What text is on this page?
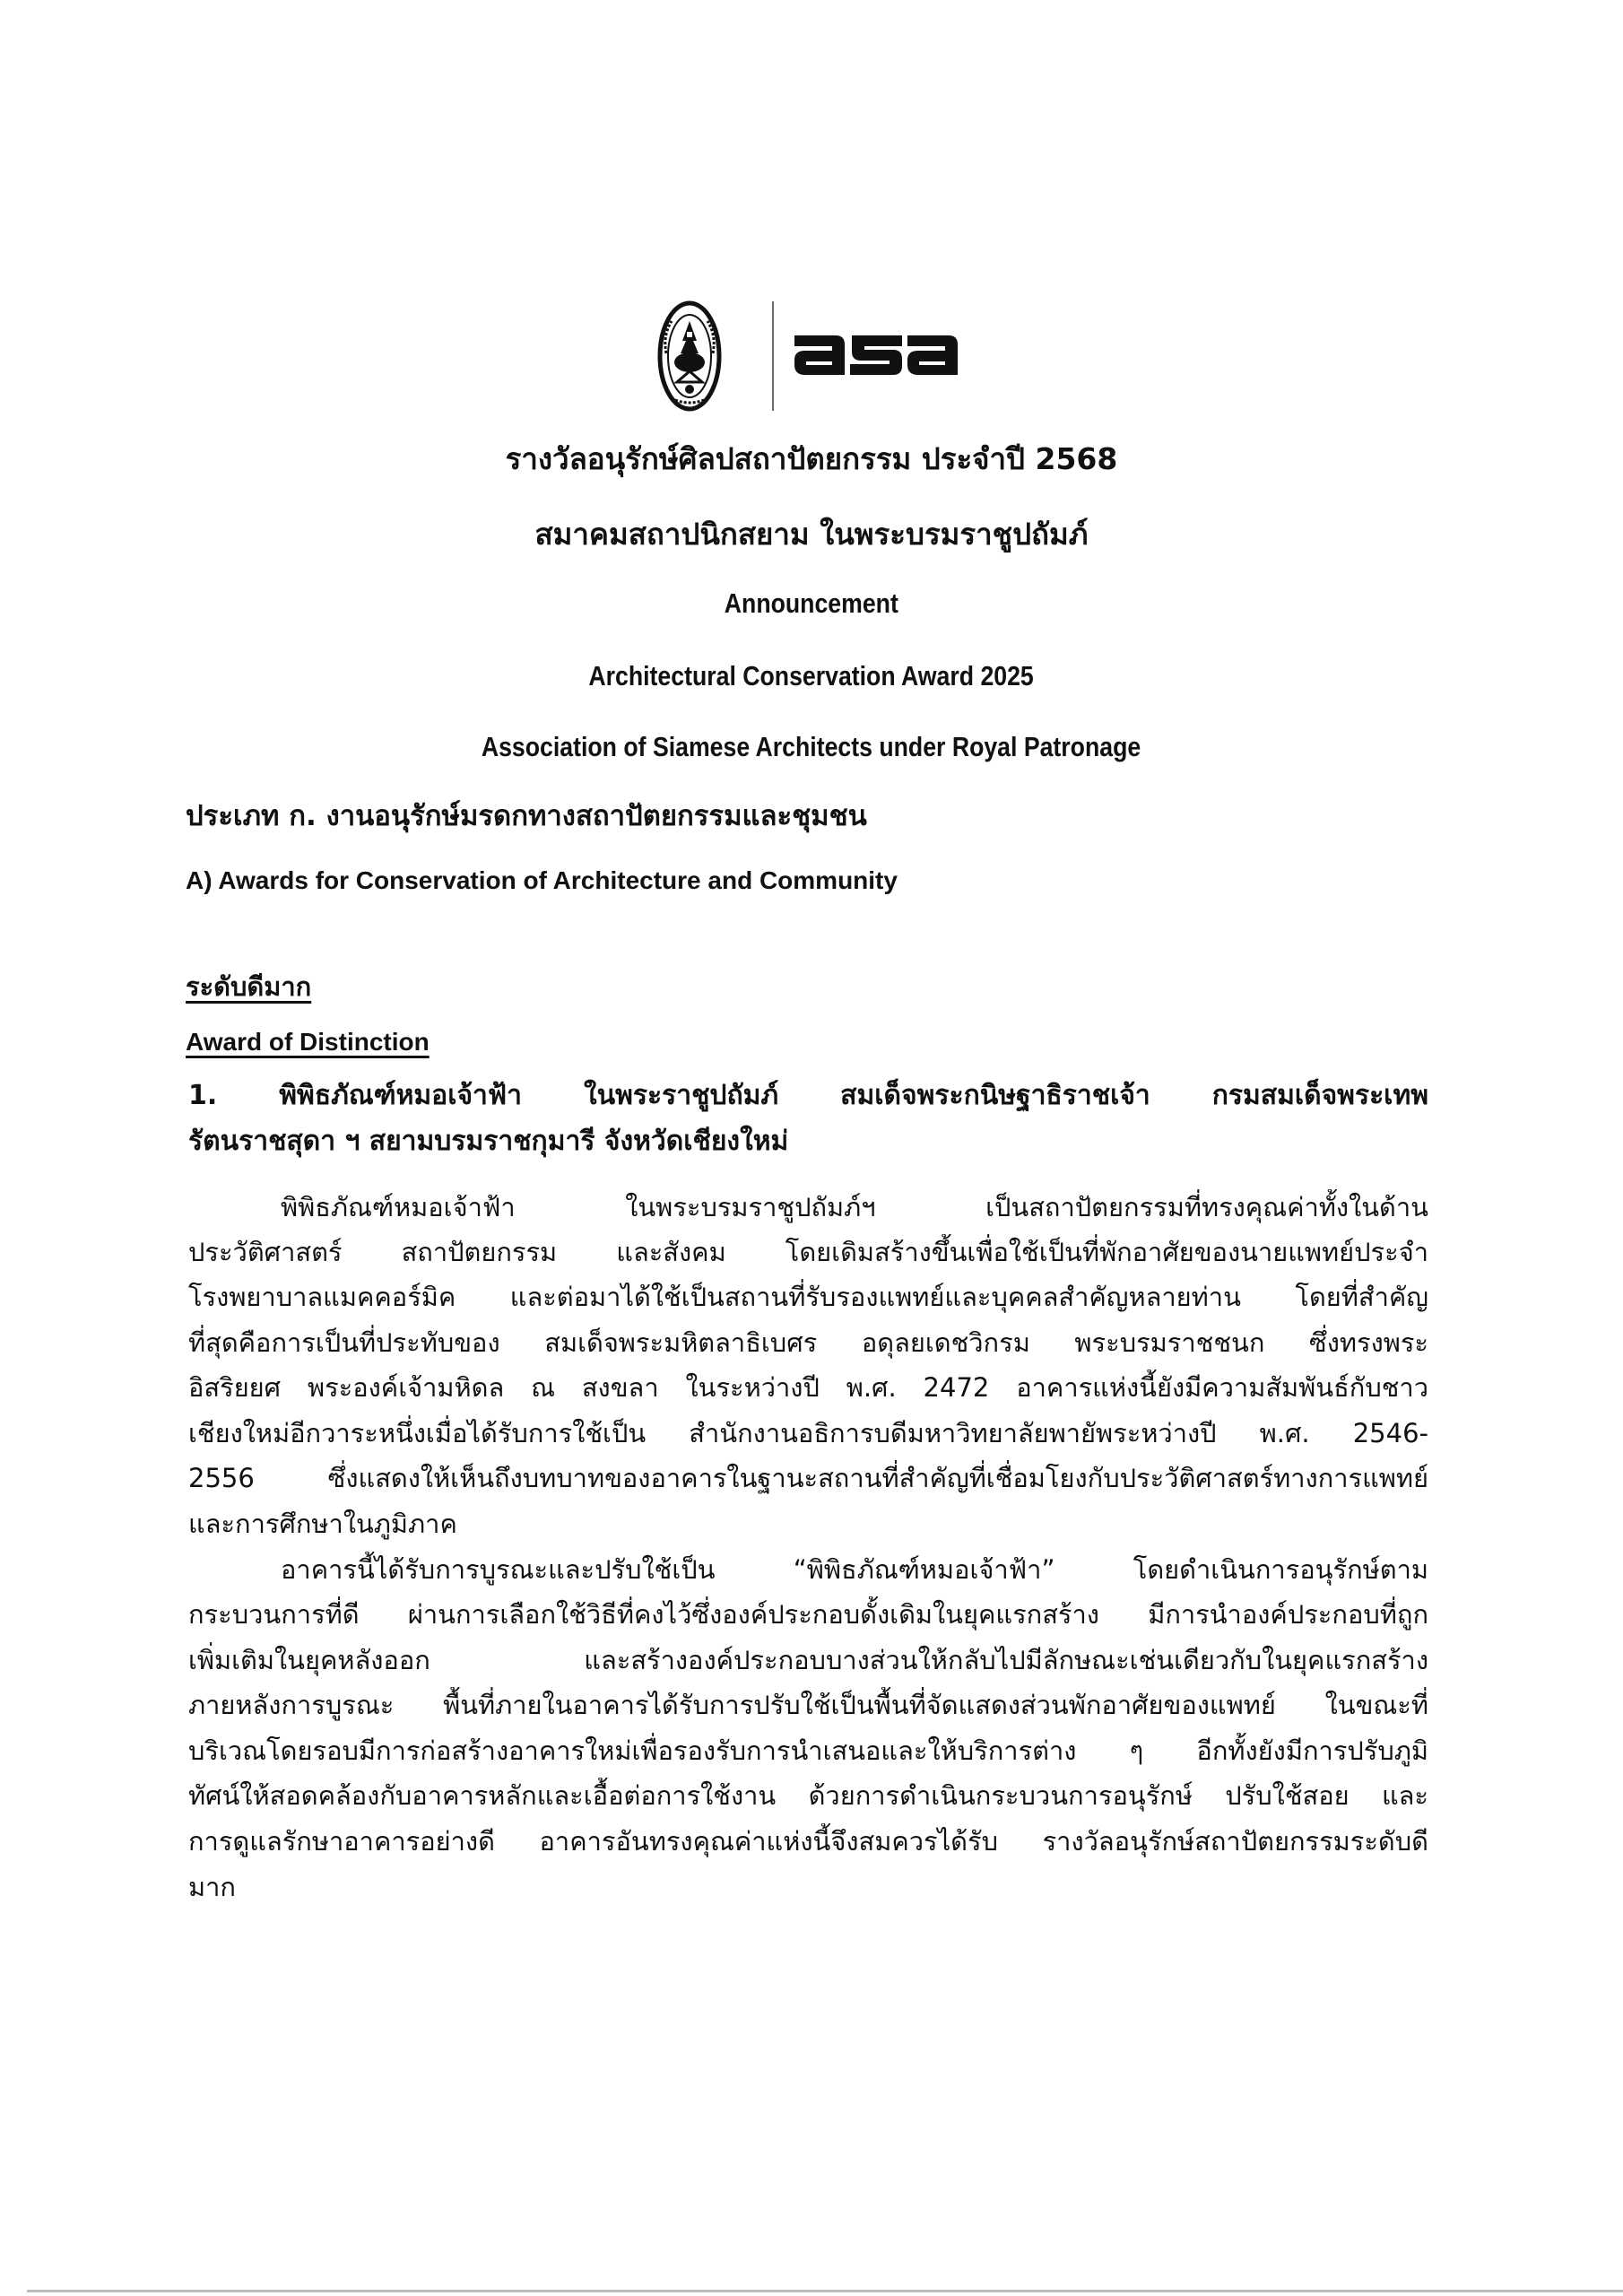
รางวัลอนุรักษ์ศิลปสถาปัตยกรรม ประจำปี 2568
สมาคมสถาปนิกสยาม ในพระบรมราชูปถัมภ์
Announcement
Architectural Conservation Award 2025
Association of Siamese Architects under Royal Patronage
ประเภท ก. งานอนุรักษ์มรดกทางสถาปัตยกรรมและชุมชน
A) Awards for Conservation of Architecture and Community
ระดับดีมาก
Award of Distinction
1. พิพิธภัณฑ์หมอเจ้าฟ้า ในพระราชูปถัมภ์ สมเด็จพระกนิษฐาธิราชเจ้า กรมสมเด็จพระเทพ
รัตนราชสุดา ฯ สยามบรมราชกุมารี จังหวัดเชียงใหม่
พิพิธภัณฑ์หมอเจ้าฟ้า ในพระบรมราชูปถัมภ์ฯ เป็นสถาปัตยกรรมที่ทรงคุณค่าทั้งในด้าน
ประวัติศาสตร์ สถาปัตยกรรม และสังคม โดยเดิมสร้างขึ้นเพื่อใช้เป็นที่พักอาศัยของนายแพทย์ประจำ
โรงพยาบาลแมคคอร์มิค และต่อมาได้ใช้เป็นสถานที่รับรองแพทย์และบุคคลสำคัญหลายท่าน โดยที่สำคัญ
ที่สุดคือการเป็นที่ประทับของ สมเด็จพระมหิตลาธิเบศร อดุลยเดชวิกรม พระบรมราชชนก ซึ่งทรงพระ
อิสริยยศ พระองค์เจ้ามหิดล ณ สงขลา ในระหว่างปี พ.ศ. 2472 อาคารแห่งนี้ยังมีความสัมพันธ์กับชาว
เชียงใหม่อีกวาระหนึ่งเมื่อได้รับการใช้เป็น สำนักงานอธิการบดีมหาวิทยาลัยพายัพระหว่างปี พ.ศ. 2546-
2556 ซึ่งแสดงให้เห็นถึงบทบาทของอาคารในฐานะสถานที่สำคัญที่เชื่อมโยงกับประวัติศาสตร์ทางการแพทย์
และการศึกษาในภูมิภาค
อาคารนี้ได้รับการบูรณะและปรับใช้เป็น “พิพิธภัณฑ์หมอเจ้าฟ้า” โดยดำเนินการอนุรักษ์ตาม
กระบวนการที่ดี ผ่านการเลือกใช้วิธีที่คงไว้ซึ่งองค์ประกอบดั้งเดิมในยุคแรกสร้าง มีการนำองค์ประกอบที่ถูก
เพิ่มเติมในยุคหลังออก และสร้างองค์ประกอบบางส่วนให้กลับไปมีลักษณะเช่นเดียวกับในยุคแรกสร้าง
ภายหลังการบูรณะ พื้นที่ภายในอาคารได้รับการปรับใช้เป็นพื้นที่จัดแสดงส่วนพักอาศัยของแพทย์ ในขณะที่
บริเวณโดยรอบมีการก่อสร้างอาคารใหม่เพื่อรองรับการนำเสนอและให้บริการต่าง ๆ อีกทั้งยังมีการปรับภูมิ
ทัศน์ให้สอดคล้องกับอาคารหลักและเอื้อต่อการใช้งาน ด้วยการดำเนินกระบวนการอนุรักษ์ ปรับใช้สอย และ
การดูแลรักษาอาคารอย่างดี อาคารอันทรงคุณค่าแห่งนี้จึงสมควรได้รับ รางวัลอนุรักษ์สถาปัตยกรรมระดับดี
มาก
